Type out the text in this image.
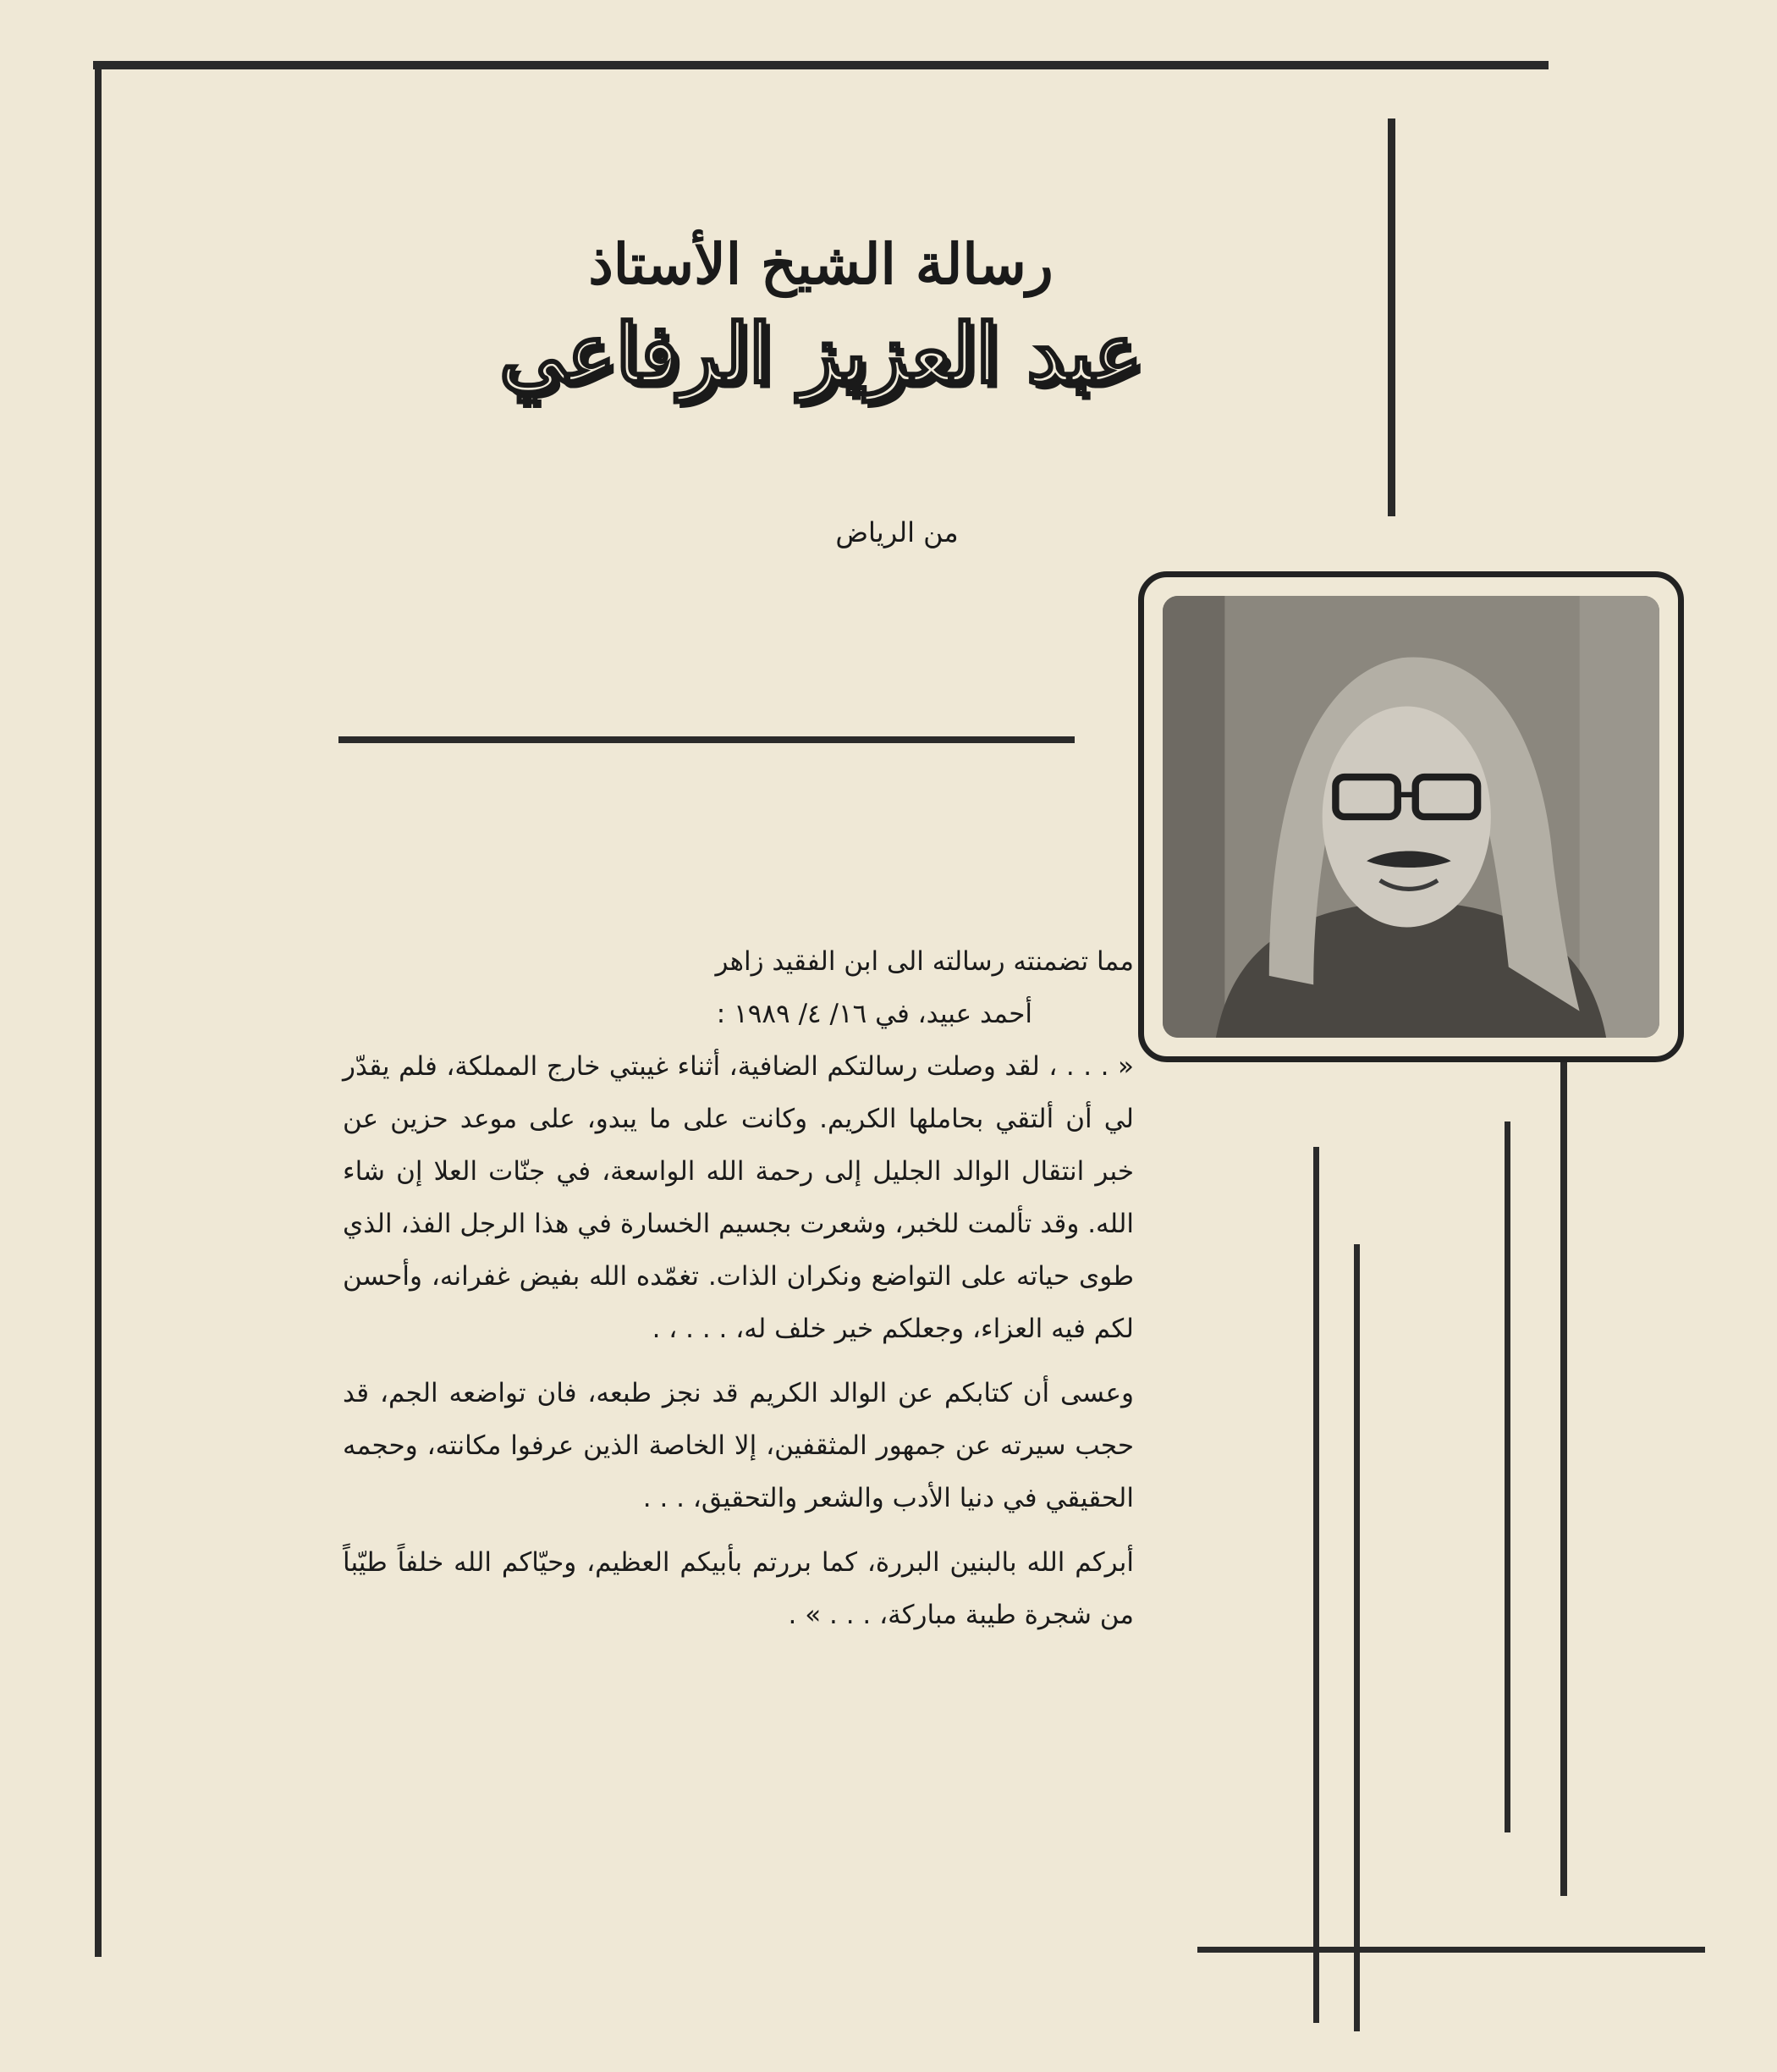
رسالة الشيخ الأستاذ
عبد العزيز الرفاعي
من الرياض

مما تضمنته رسالته الى ابن الفقيد زاهر

أحمد عبيد، في ١٦/ ٤/ ١٩٨٩ :

« . . . ، لقد وصلت رسالتكم الضافية، أثناء غيبتي خارج المملكة، فلم يقدّر لي أن ألتقي بحاملها الكريم. وكانت على ما يبدو، على موعد حزين عن خبر انتقال الوالد الجليل إلى رحمة الله الواسعة، في جنّات العلا إن شاء الله. وقد تألمت للخبر، وشعرت بجسيم الخسارة في هذا الرجل الفذ، الذي طوى حياته على التواضع ونكران الذات. تغمّده الله بفيض غفرانه، وأحسن لكم فيه العزاء، وجعلكم خير خلف له، . . . ، .

وعسى أن كتابكم عن الوالد الكريم قد نجز طبعه، فان تواضعه الجم، قد حجب سيرته عن جمهور المثقفين، إلا الخاصة الذين عرفوا مكانته، وحجمه الحقيقي في دنيا الأدب والشعر والتحقيق، . . .

أبركم الله بالبنين البررة، كما بررتم بأبيكم العظيم، وحيّاكم الله خلفاً طيّباً من شجرة طيبة مباركة، . . . » .
